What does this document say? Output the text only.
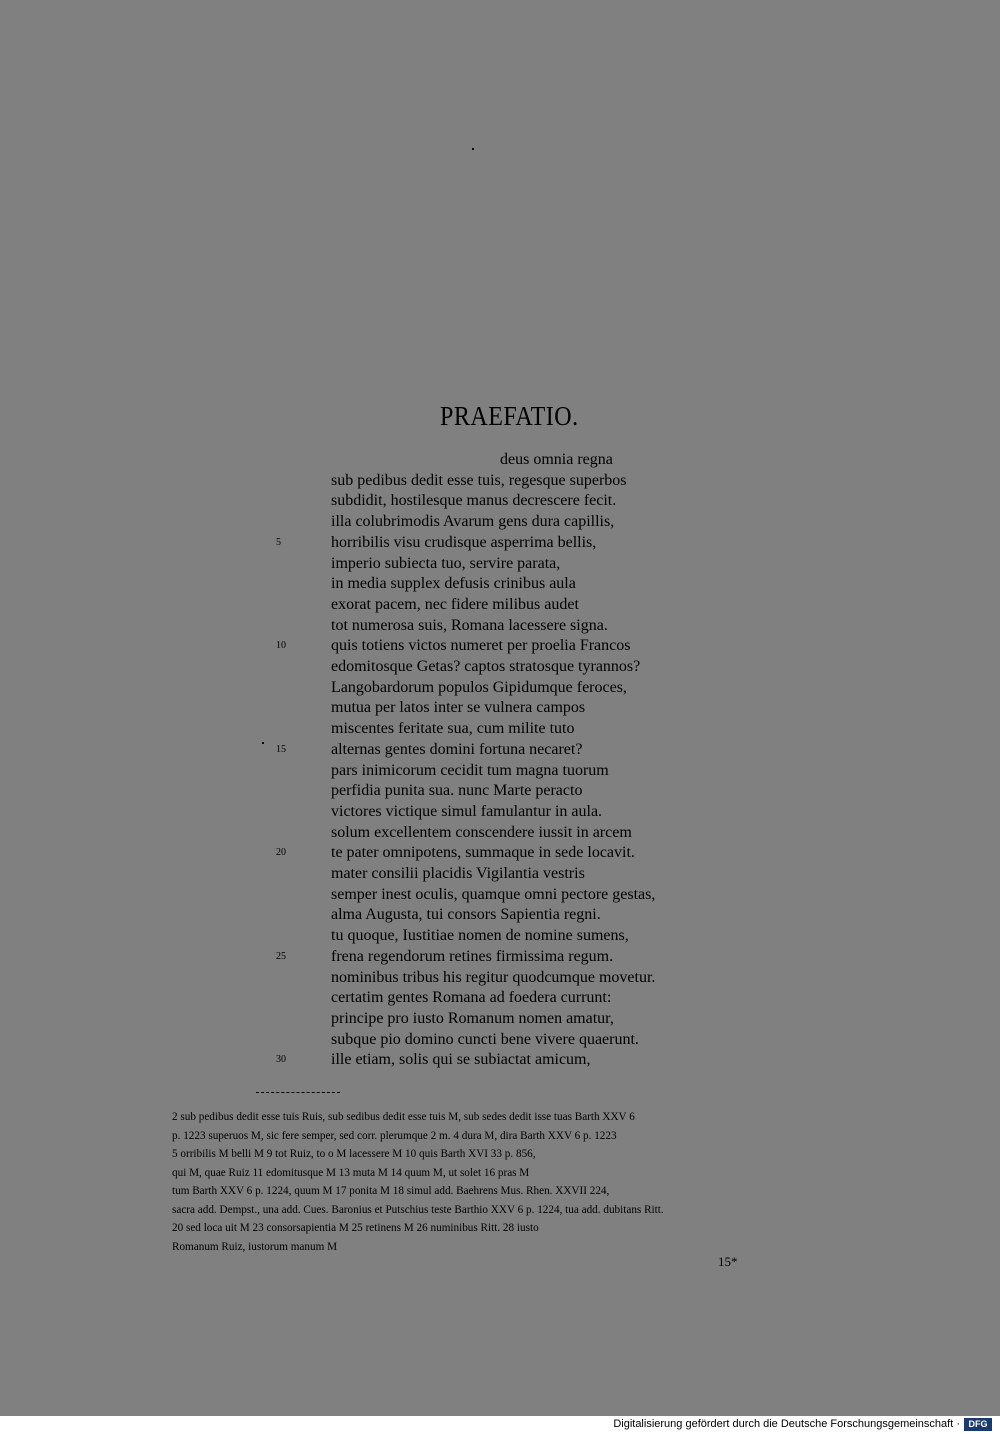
PRAEFATIO.
deus omnia regna
sub pedibus dedit esse tuis, regesque superbos
subdidit, hostilesque manus decrescere fecit.
illa colubrimodis Avarum gens dura capillis,
5	horribilis visu crudisque asperrima bellis,
imperio subiecta tuo, servire parata,
in media supplex defusis crinibus aula
exorat pacem, nec fidere milibus audet
tot numerosa suis, Romana lacessere signa.
10	quis totiens victos numeret per proelia Francos
edomitosque Getas? captos stratosque tyrannos?
Langobardorum populos Gipidumque feroces,
mutua per latos inter se vulnera campos
miscentes feritate sua, cum milite tuto
15	alternas gentes domini fortuna necaret?
pars inimicorum cecidit tum magna tuorum
perfidia punita sua. nunc Marte peracto
victores victique simul famulantur in aula.
solum excellentem conscendere iussit in arcem
20	te pater omnipotens, summaque in sede locavit.
mater consilii placidis Vigilantia vestris
semper inest oculis, quamque omni pectore gestas,
alma Augusta, tui consors Sapientia regni.
tu quoque, Iustitiae nomen de nomine sumens,
25	frena regendorum retines firmissima regum.
nominibus tribus his regitur quodcumque movetur.
certatim gentes Romana ad foedera currunt:
principe pro iusto Romanum nomen amatur,
subque pio domino cuncti bene vivere quaerunt.
30	ille etiam, solis qui se subiactat amicum,
2 sub pedibus dedit esse tuis Ruis, sub sedibus dedit esse tuis M, sub sedes dedit isse tuas Barth XXV 6
p. 1223 superuos M, sic fere semper, sed corr. plerumque 2 m. 4 dura M, dira Barth XXV 6 p. 1223
5 orribilis M belli M 9 tot Ruiz, to o M lacessere M 10 quis Barth XVI 33 p. 856,
qui M, quae Ruiz 11 edomitusque M 13 muta M 14 quum M, ut solet 16 pras M
tum Barth XXV 6 p. 1224, quum M 17 ponita M 18 simul add. Baehrens Mus. Rhen. XXVII 224,
sacra add. Dempst., una add. Cues. Baronius et Putschius teste Barthio XXV 6 p. 1224, tua add. dubitans Ritt.
20 sed loca uit M 23 consorsapientia M 25 retinens M 26 numinibus Ritt. 28 iusto
Romanum Ruiz, iustorum manum M
15*
Digitalisierung gefördert durch die Deutsche Forschungsgemeinschaft · DFG
